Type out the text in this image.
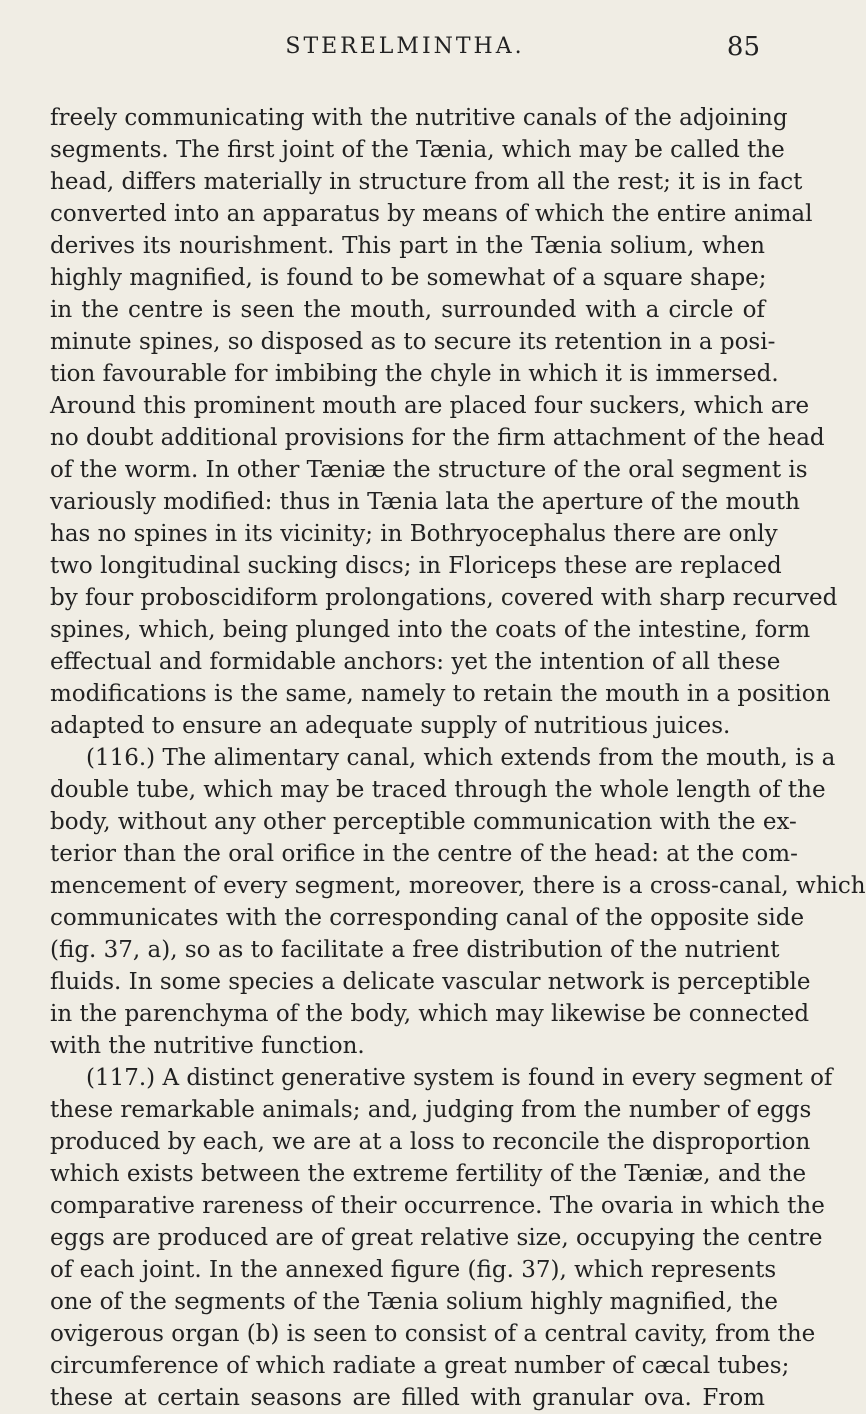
STERELMINTHA.	85
freely communicating with the nutritive canals of the adjoining
segments. The first joint of the Tænia, which may be called the
head, differs materially in structure from all the rest; it is in fact
converted into an apparatus by means of which the entire animal
derives its nourishment. This part in the Tænia solium, when
highly magnified, is found to be somewhat of a square shape;
in the centre is seen the mouth, surrounded with a circle of
minute spines, so disposed as to secure its retention in a posi-
tion favourable for imbibing the chyle in which it is immersed.
Around this prominent mouth are placed four suckers, which are
no doubt additional provisions for the firm attachment of the head
of the worm. In other Tæniæ the structure of the oral segment is
variously modified: thus in Tænia lata the aperture of the mouth
has no spines in its vicinity; in Bothryocephalus there are only
two longitudinal sucking discs; in Floriceps these are replaced
by four proboscidiform prolongations, covered with sharp recurved
spines, which, being plunged into the coats of the intestine, form
effectual and formidable anchors: yet the intention of all these
modifications is the same, namely to retain the mouth in a position
adapted to ensure an adequate supply of nutritious juices.
(116.) The alimentary canal, which extends from the mouth, is a
double tube, which may be traced through the whole length of the
body, without any other perceptible communication with the ex-
terior than the oral orifice in the centre of the head: at the com-
mencement of every segment, moreover, there is a cross-canal, which
communicates with the corresponding canal of the opposite side
(fig. 37, a), so as to facilitate a free distribution of the nutrient
fluids. In some species a delicate vascular network is perceptible
in the parenchyma of the body, which may likewise be connected
with the nutritive function.
(117.) A distinct generative system is found in every segment of
these remarkable animals; and, judging from the number of eggs
produced by each, we are at a loss to reconcile the disproportion
which exists between the extreme fertility of the Tæniæ, and the
comparative rareness of their occurrence. The ovaria in which the
eggs are produced are of great relative size, occupying the centre
of each joint. In the annexed figure (fig. 37), which represents
one of the segments of the Tænia solium highly magnified, the
ovigerous organ (b) is seen to consist of a central cavity, from the
circumference of which radiate a great number of cæcal tubes;
these at certain seasons are filled with granular ova. From
